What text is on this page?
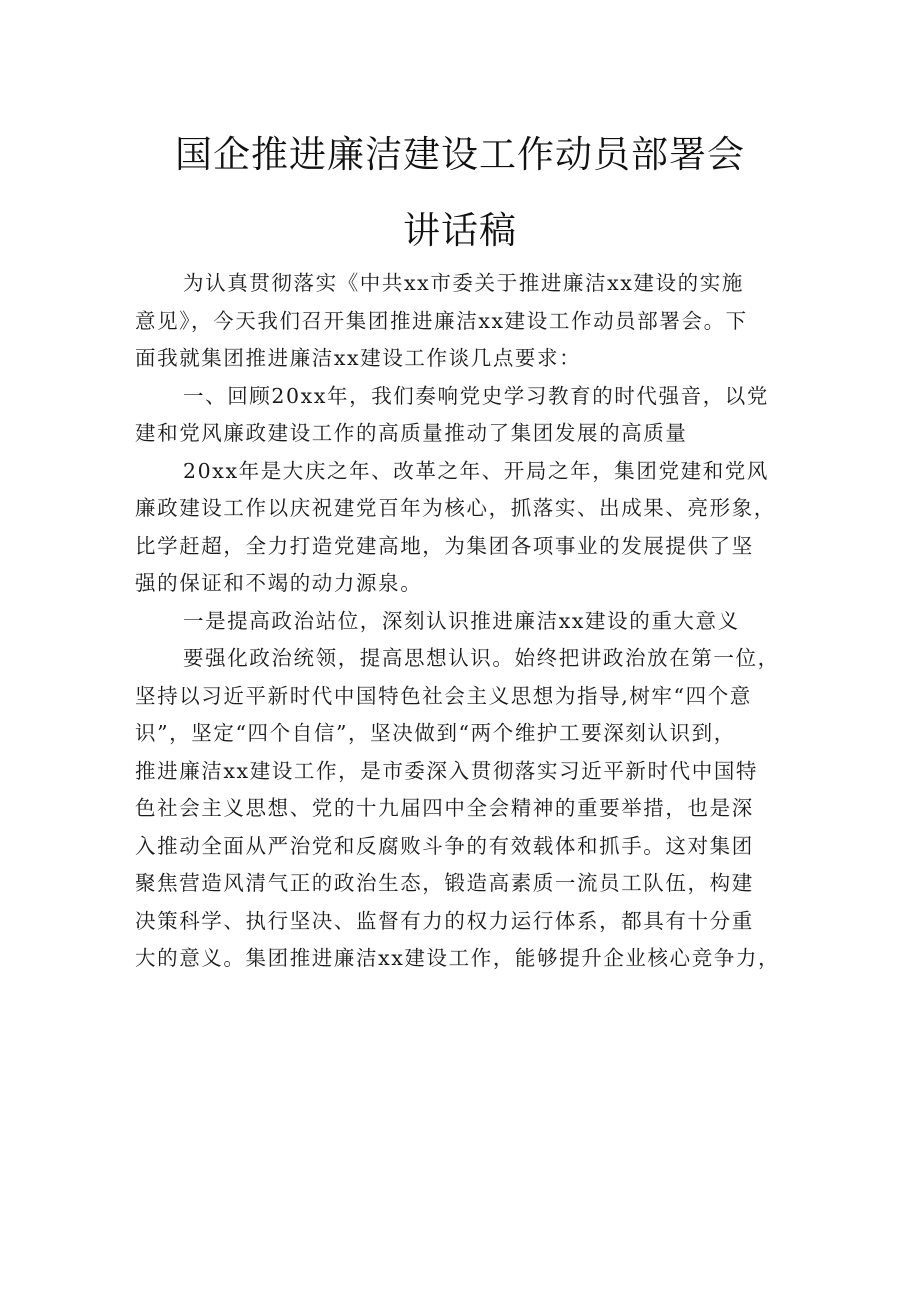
国企推进廉洁建设工作动员部署会
讲话稿
为认真贯彻落实《中共xx市委关于推进廉洁xx建设的实施
意见》，今天我们召开集团推进廉洁xx建设工作动员部署会。下
面我就集团推进廉洁xx建设工作谈几点要求：
一、回顾20xx年，我们奏响党史学习教育的时代强音，以党
建和党风廉政建设工作的高质量推动了集团发展的高质量
20xx年是大庆之年、改革之年、开局之年，集团党建和党风
廉政建设工作以庆祝建党百年为核心，抓落实、出成果、亮形象，
比学赶超，全力打造党建高地，为集团各项事业的发展提供了坚
强的保证和不竭的动力源泉。
一是提高政治站位，深刻认识推进廉洁xx建设的重大意义
要强化政治统领，提高思想认识。始终把讲政治放在第一位，
坚持以习近平新时代中国特色社会主义思想为指导,树牢“四个意
识”，坚定“四个自信”，坚决做到“两个维护工要深刻认识到，
推进廉洁xx建设工作，是市委深入贯彻落实习近平新时代中国特
色社会主义思想、党的十九届四中全会精神的重要举措，也是深
入推动全面从严治党和反腐败斗争的有效载体和抓手。这对集团
聚焦营造风清气正的政治生态，锻造高素质一流员工队伍，构建
决策科学、执行坚决、监督有力的权力运行体系，都具有十分重
大的意义。集团推进廉洁xx建设工作，能够提升企业核心竞争力，
